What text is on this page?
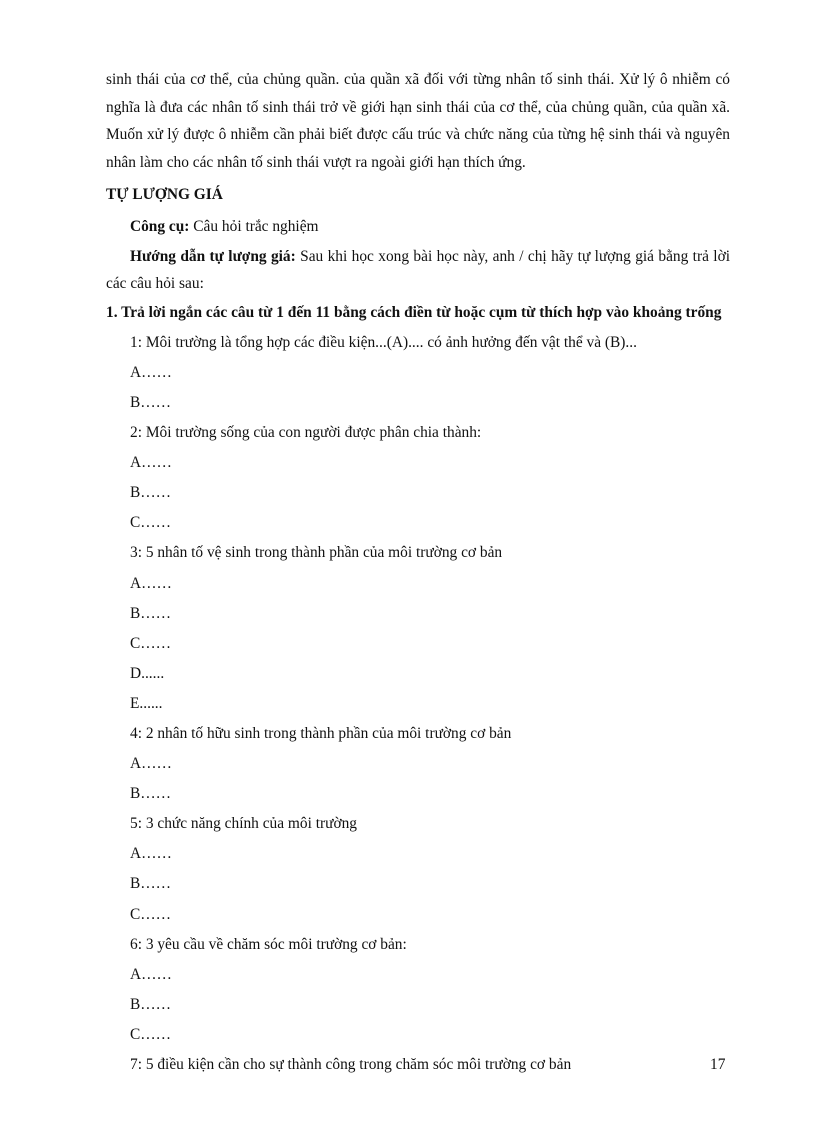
sinh thái của cơ thể, của chủng quần. của quần xã đối với từng nhân tố sinh thái. Xử lý ô nhiễm có nghĩa là đưa các nhân tố sinh thái trở về giới hạn sinh thái của cơ thể, của chủng quần, của quần xã. Muốn xử lý được ô nhiễm cần phải biết được cấu trúc và chức năng của từng hệ sinh thái và nguyên nhân làm cho các nhân tố sinh thái vượt ra ngoài giới hạn thích ứng.

TỰ LƯỢNG GIÁ

Công cụ: Câu hỏi trắc nghiệm

Hướng dẫn tự lượng giá: Sau khi học xong bài học này, anh / chị hãy tự lượng giá bằng trả lời các câu hỏi sau:

1. Trả lời ngắn các câu từ 1 đến 11 bằng cách điền từ hoặc cụm từ thích hợp vào khoảng trống

1: Môi trường là tổng hợp các điều kiện...(A).... có ảnh hưởng đến vật thể và (B)...
A……
B……
2: Môi trường sống của con người được phân chia thành:
A……
B……
C……
3: 5 nhân tố vệ sinh trong thành phần của môi trường cơ bản
A……
B……
C……
D......
E......
4: 2 nhân tố hữu sinh trong thành phần của môi trường cơ bản
A……
B……
5: 3 chức năng chính của môi trường
A……
B……
C……
6: 3 yêu cầu về chăm sóc môi trường cơ bản:
A……
B……
C……
7: 5 điều kiện cần cho sự thành công trong chăm sóc môi trường cơ bản	17
